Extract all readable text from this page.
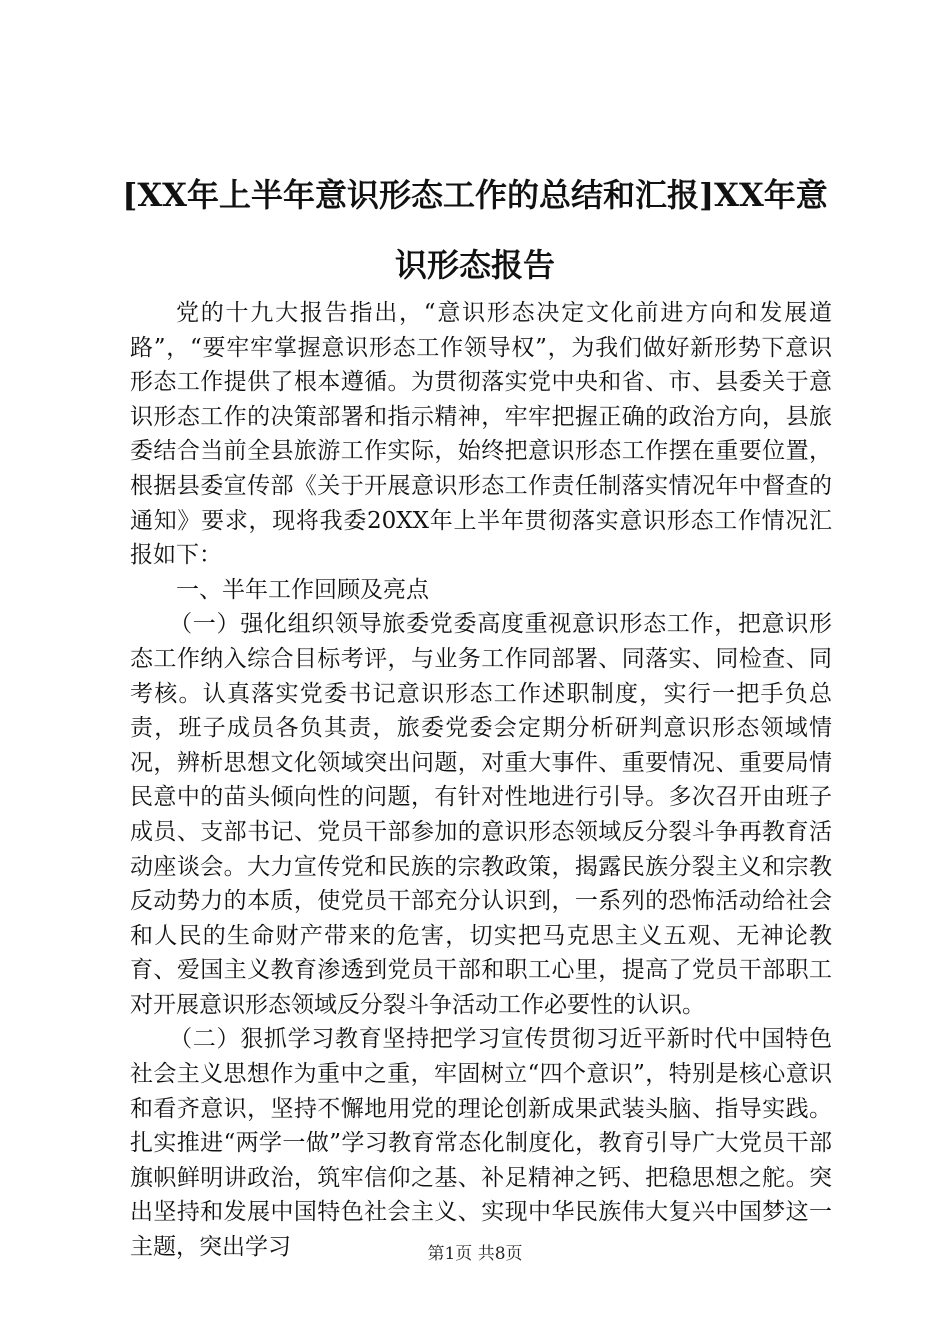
[XX年上半年意识形态工作的总结和汇报]XX年意识形态报告

党的十九大报告指出，“意识形态决定文化前进方向和发展道路”，“要牢牢掌握意识形态工作领导权”，为我们做好新形势下意识形态工作提供了根本遵循。为贯彻落实党中央和省、市、县委关于意识形态工作的决策部署和指示精神，牢牢把握正确的政治方向，县旅委结合当前全县旅游工作实际，始终把意识形态工作摆在重要位置，根据县委宣传部《关于开展意识形态工作责任制落实情况年中督查的通知》要求，现将我委20XX年上半年贯彻落实意识形态工作情况汇报如下：

一、半年工作回顾及亮点

（一）强化组织领导旅委党委高度重视意识形态工作，把意识形态工作纳入综合目标考评，与业务工作同部署、同落实、同检查、同考核。认真落实党委书记意识形态工作述职制度，实行一把手负总责，班子成员各负其责，旅委党委会定期分析研判意识形态领域情况，辨析思想文化领域突出问题，对重大事件、重要情况、重要局情民意中的苗头倾向性的问题，有针对性地进行引导。多次召开由班子成员、支部书记、党员干部参加的意识形态领域反分裂斗争再教育活动座谈会。大力宣传党和民族的宗教政策，揭露民族分裂主义和宗教反动势力的本质，使党员干部充分认识到，一系列的恐怖活动给社会和人民的生命财产带来的危害，切实把马克思主义五观、无神论教育、爱国主义教育渗透到党员干部和职工心里，提高了党员干部职工对开展意识形态领域反分裂斗争活动工作必要性的认识。

（二）狠抓学习教育坚持把学习宣传贯彻习近平新时代中国特色社会主义思想作为重中之重，牢固树立“四个意识”，特别是核心意识和看齐意识，坚持不懈地用党的理论创新成果武装头脑、指导实践。扎实推进“两学一做”学习教育常态化制度化，教育引导广大党员干部旗帜鲜明讲政治，筑牢信仰之基、补足精神之钙、把稳思想之舵。突出坚持和发展中国特色社会主义、实现中华民族伟大复兴中国梦这一主题，突出学习	第1页 共8页
